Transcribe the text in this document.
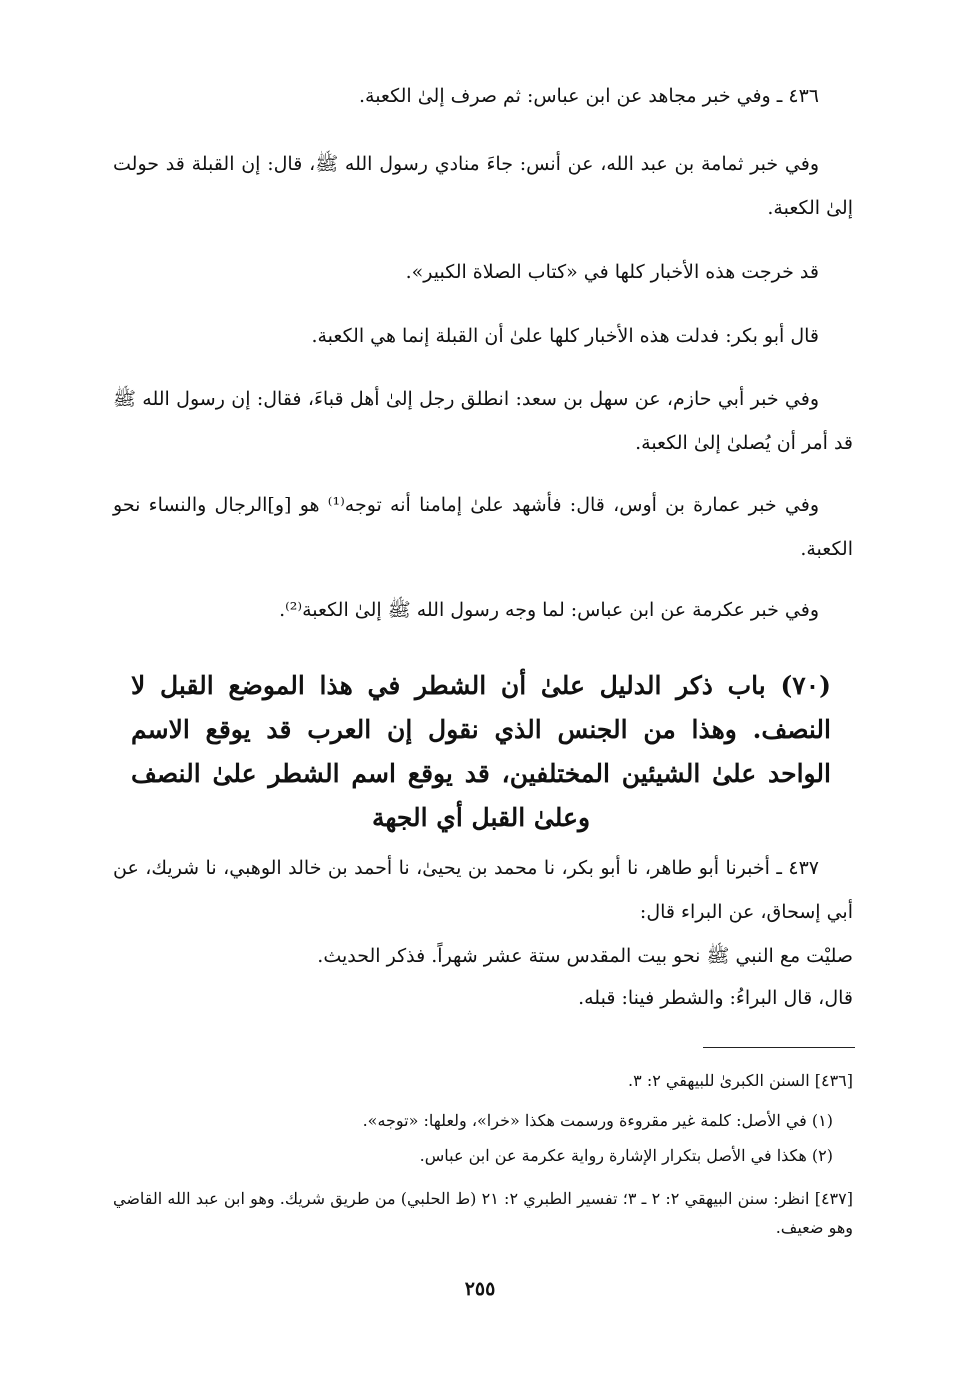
٤٣٦ ـ وفي خبر مجاهد عن ابن عباس: ثم صرف إلىٰ الكعبة.
وفي خبر ثمامة بن عبد الله، عن أنس: جاءَ منادي رسول الله ﷺ، قال: إن القبلة قد حولت إلىٰ الكعبة.
قد خرجت هذه الأخبار كلها في «كتاب الصلاة الكبير».
قال أبو بكر: فدلت هذه الأخبار كلها علىٰ أن القبلة إنما هي الكعبة.
وفي خبر أبي حازم، عن سهل بن سعد: انطلق رجل إلىٰ أهل قباءَ، فقال: إن رسول الله ﷺ قد أمر أن يُصلىٰ إلىٰ الكعبة.
وفي خبر عمارة بن أوس، قال: فأشهد علىٰ إمامنا أنه توجه⁽¹⁾ هو [و]الرجال والنساء نحو الكعبة.
وفي خبر عكرمة عن ابن عباس: لما وجه رسول الله ﷺ إلىٰ الكعبة⁽²⁾.
(٧٠) باب ذكر الدليل علىٰ أن الشطر في هذا الموضع القبل لا النصف. وهذا من الجنس الذي نقول إن العرب قد يوقع الاسم الواحد علىٰ الشيئين المختلفين، قد يوقع اسم الشطر علىٰ النصف وعلىٰ القبل أي الجهة
٤٣٧ ـ أخبرنا أبو طاهر، نا أبو بكر، نا محمد بن يحيىٰ، نا أحمد بن خالد الوهبي، نا شريك، عن أبي إسحاق، عن البراء قال:
صليْت مع النبي ﷺ نحو بيت المقدس ستة عشر شهراً. فذكر الحديث.
قال، قال البراءُ: والشطر فينا: قبله.
[٤٣٦] السنن الكبرىٰ للبيهقي ٢: ٣.
(١) في الأصل: كلمة غير مقروءة ورسمت هكذا «خرا»، ولعلها: «توجه».
(٢) هكذا في الأصل بتكرار الإشارة رواية عكرمة عن ابن عباس.
[٤٣٧] انظر: سنن البيهقي ٢: ٢ ـ ٣؛ تفسير الطبري ٢: ٢١ (ط الحلبي) من طريق شريك. وهو ابن عبد الله القاضي وهو ضعيف.
٢٥٥
